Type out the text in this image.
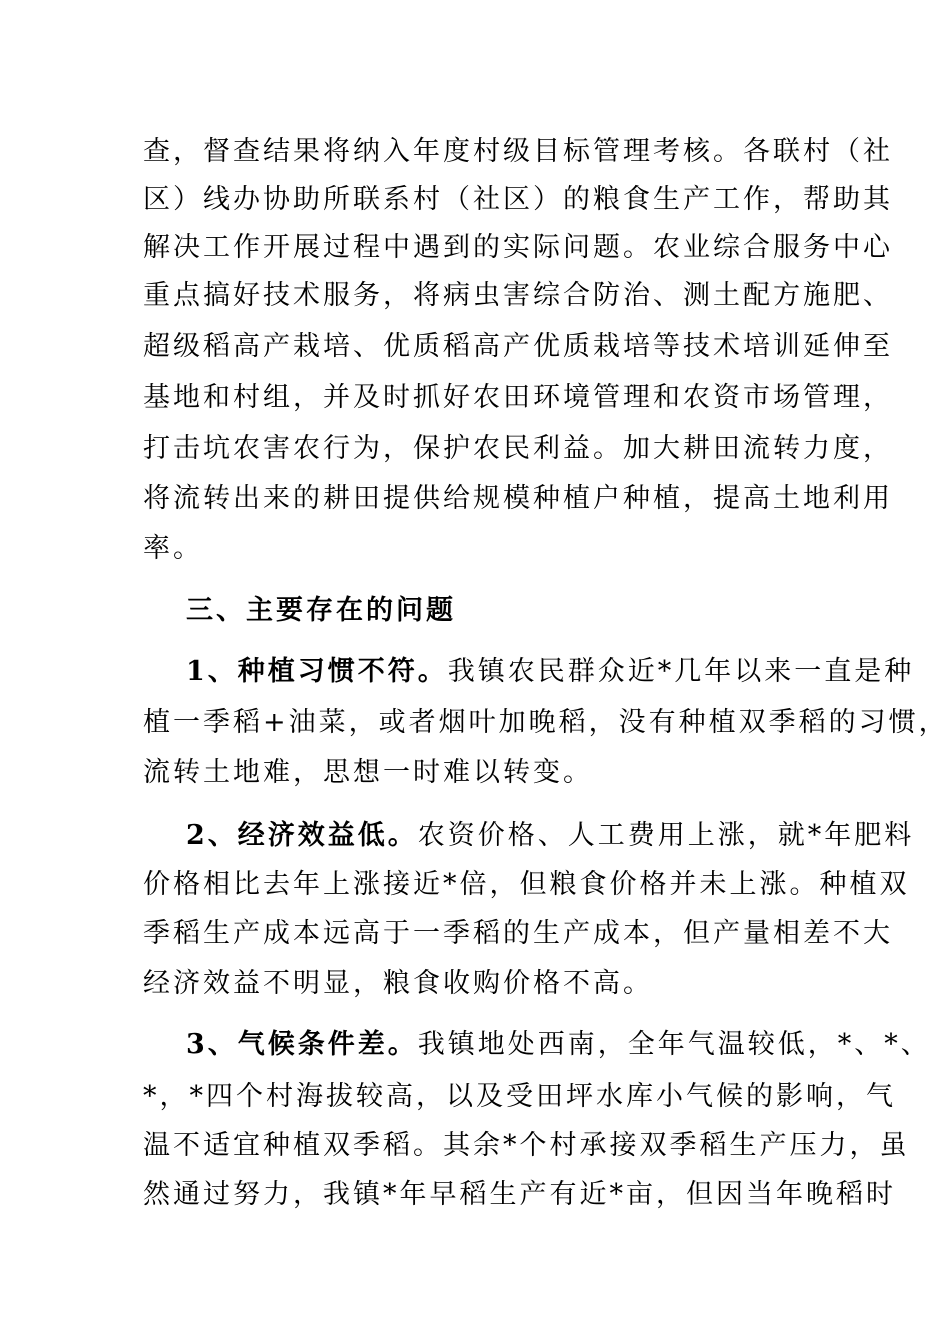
查，督查结果将纳入年度村级目标管理考核。各联村（社
区）线办协助所联系村（社区）的粮食生产工作，帮助其
解决工作开展过程中遇到的实际问题。农业综合服务中心
重点搞好技术服务，将病虫害综合防治、测土配方施肥、
超级稻高产栽培、优质稻高产优质栽培等技术培训延伸至
基地和村组，并及时抓好农田环境管理和农资市场管理，
打击坑农害农行为，保护农民利益。加大耕田流转力度，
将流转出来的耕田提供给规模种植户种植，提高土地利用
率。
三、主要存在的问题
1、种植习惯不符。我镇农民群众近*几年以来一直是种
植一季稻+油菜，或者烟叶加晚稻，没有种植双季稻的习惯，
流转土地难，思想一时难以转变。
2、经济效益低。农资价格、人工费用上涨，就*年肥料
价格相比去年上涨接近*倍，但粮食价格并未上涨。种植双
季稻生产成本远高于一季稻的生产成本，但产量相差不大
经济效益不明显，粮食收购价格不高。
3、气候条件差。我镇地处西南，全年气温较低，*、*、
*，*四个村海拔较高，以及受田坪水库小气候的影响，气
温不适宜种植双季稻。其余*个村承接双季稻生产压力，虽
然通过努力，我镇*年早稻生产有近*亩，但因当年晚稻时
